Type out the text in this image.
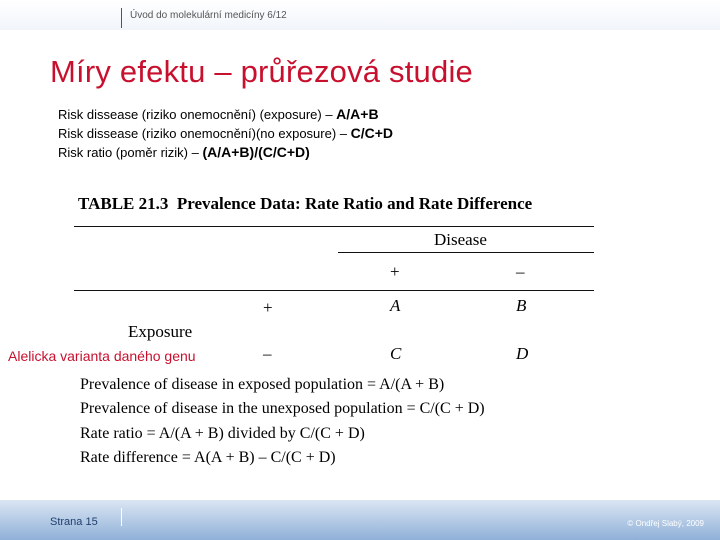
Úvod do molekulární medicíny 6/12
Míry efektu – průřezová studie
Risk dissease (riziko onemocnění) (exposure) – A/A+B
Risk dissease (riziko onemocnění)(no exposure) – C/C+D
Risk ratio (poměr rizik) – (A/A+B)/(C/C+D)
TABLE 21.3 Prevalence Data: Rate Ratio and Rate Difference
Disease
+	–
+	A	B
Exposure
–	C	D
Prevalence of disease in exposed population = A/(A + B)
Prevalence of disease in the unexposed population = C/(C + D)
Rate ratio = A/(A + B) divided by C/(C + D)
Rate difference = A(A + B) – C/(C + D)
Alelicka varianta daného genu
Strana 15	© Ondřej Slabý, 2009
